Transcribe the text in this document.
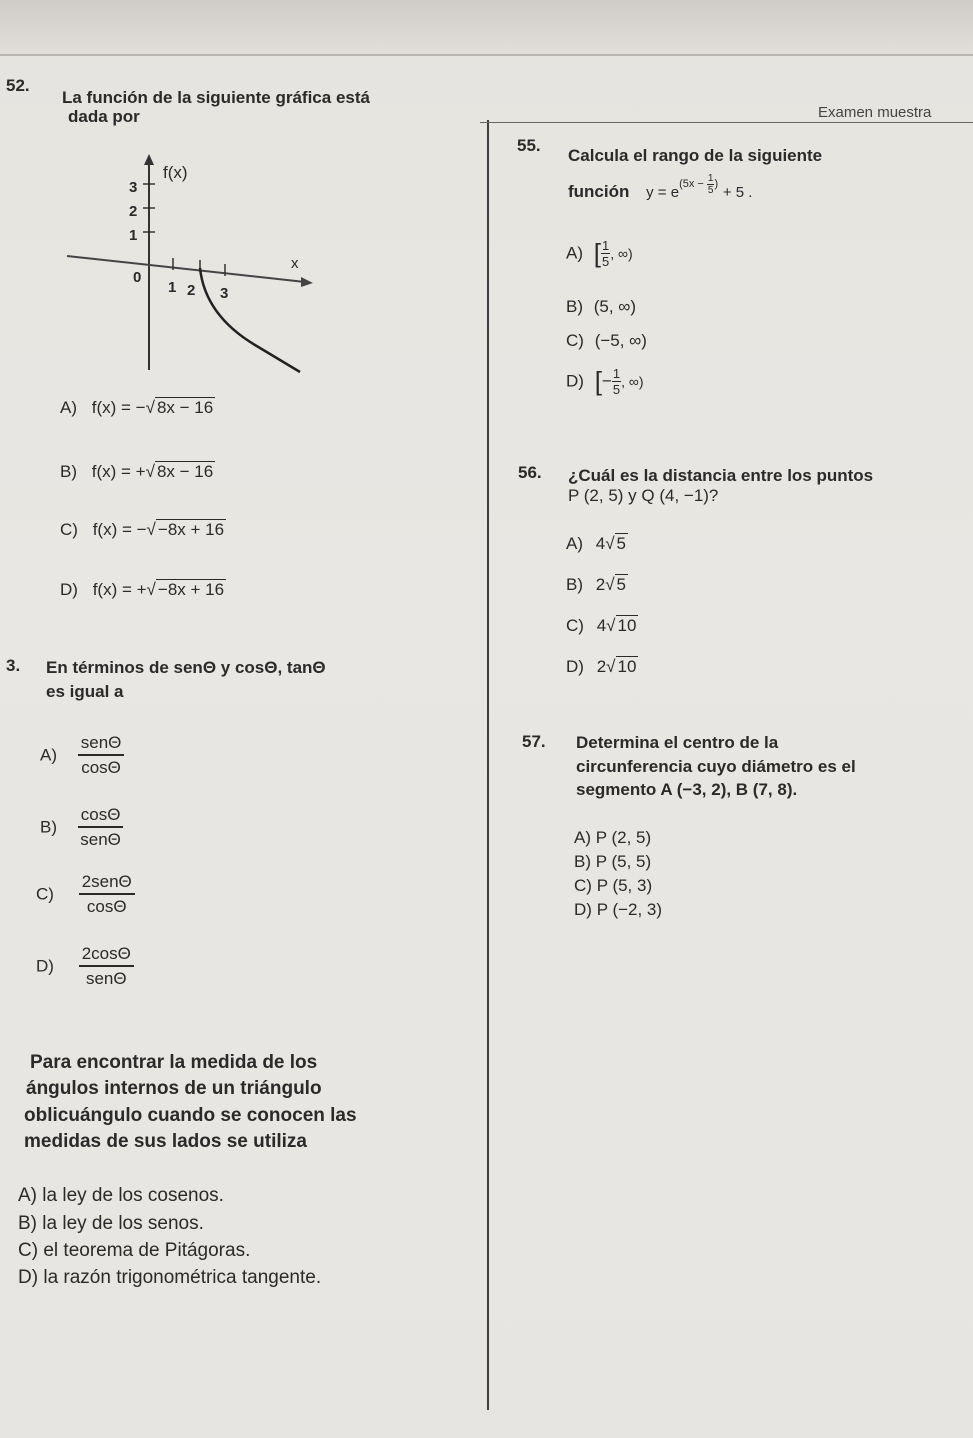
Examen muestra
52.
La función de la siguiente gráfica está
dada por
f(x)
x
3
2
1
0
1 2 3
A) f(x) = −√ 8x − 16
B) f(x) = +√ 8x − 16
C) f(x) = −√ −8x + 16
D) f(x) = +√ −8x + 16
3. En términos de senΘ y cosΘ, tanΘ
es igual a
$A) \frac{\text{senΘ}}{\cos\Theta}$
$B) \frac{\cos\Theta}{\text{senΘ}}$
$C) \frac{\text{2senΘ}}{\cos\Theta}$
$D) \frac{2\cos\Theta}{\text{senΘ}}$
Para encontrar la medida de los
ángulos internos de un triángulo
oblicuángulo cuando se conocen las
medidas de sus lados se utiliza
A) la ley de los cosenos.
B) la ley de los senos.
C) el teorema de Pitágoras.
D) la razón trigonométrica tangente.
55.
Calcula el rango de la siguiente
función $y = e^{(5x - \frac{1}{5} )} + 5$ .
A) [ $\frac{1}{5}$ , ∞)
B) (5, ∞)
C) (−5, ∞)
D) [− $\frac{1}{5}$ , ∞)
56. ¿Cuál es la distancia entre los puntos
P (2, 5) y Q (4, −1)?
A) 4√ 5
B) 2√ 5
C) 4√ 10
D) 2√ 10
57. Determina el centro de la
circunferencia cuyo diámetro es el
segmento A (−3, 2), B (7, 8).
A) P (2, 5)
B) P (5, 5)
C) P (5, 3)
D) P (−2, 3)
